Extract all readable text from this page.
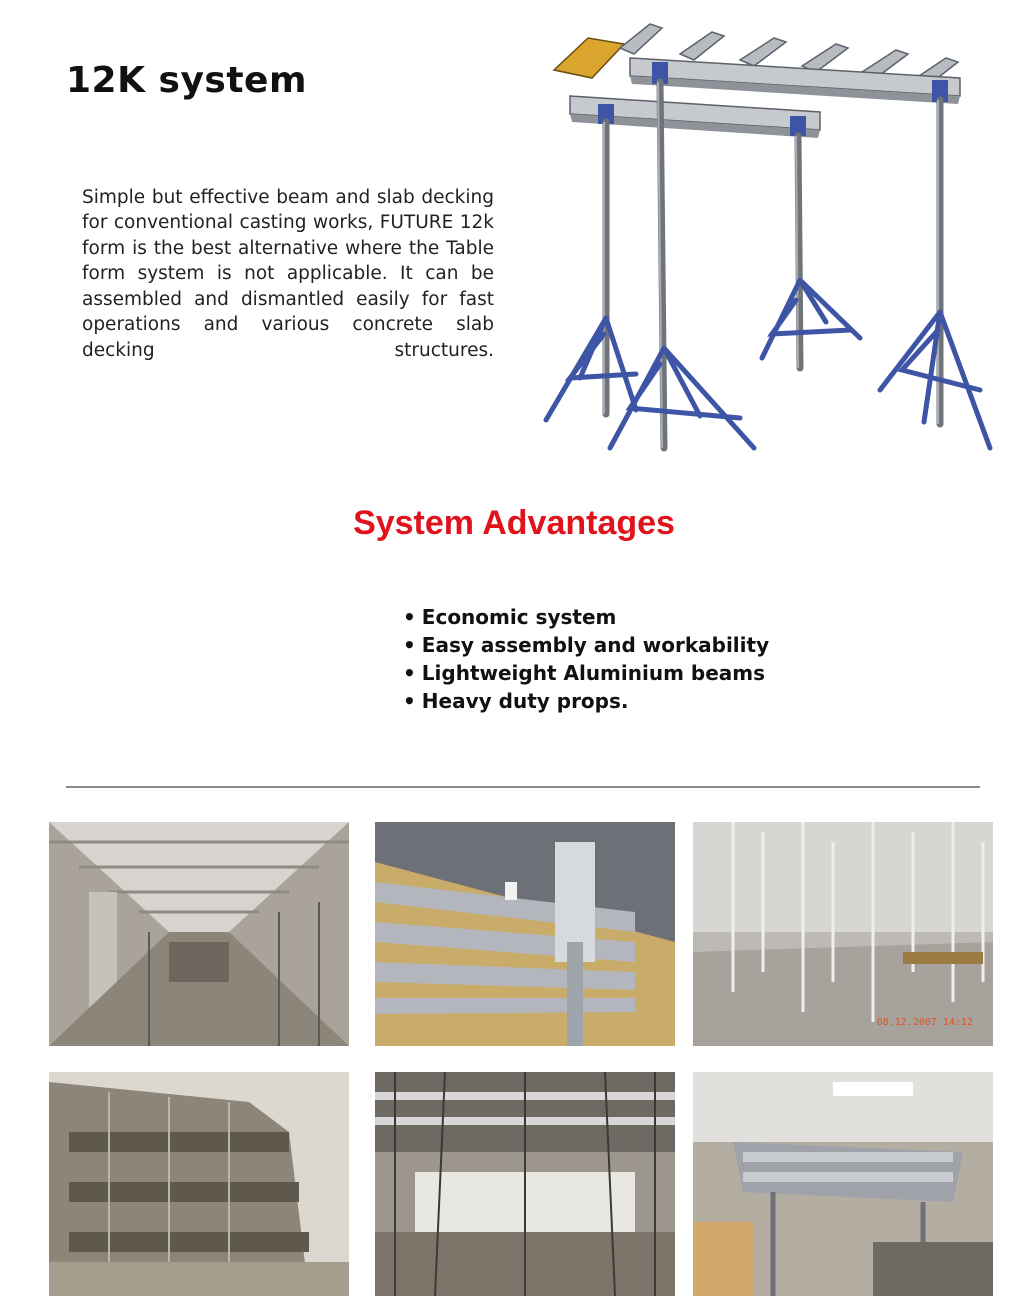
12K system

Simple but effective beam and slab decking for conventional casting works, FUTURE 12k form is the best alternative where the Table form system is not applicable. It can be assembled and dismantled easily for fast operations and various concrete slab decking structures.

System Advantages
• Economic system
• Easy assembly and workability
• Lightweight Aluminium beams
• Heavy duty props.
08.12.2007 14:12
